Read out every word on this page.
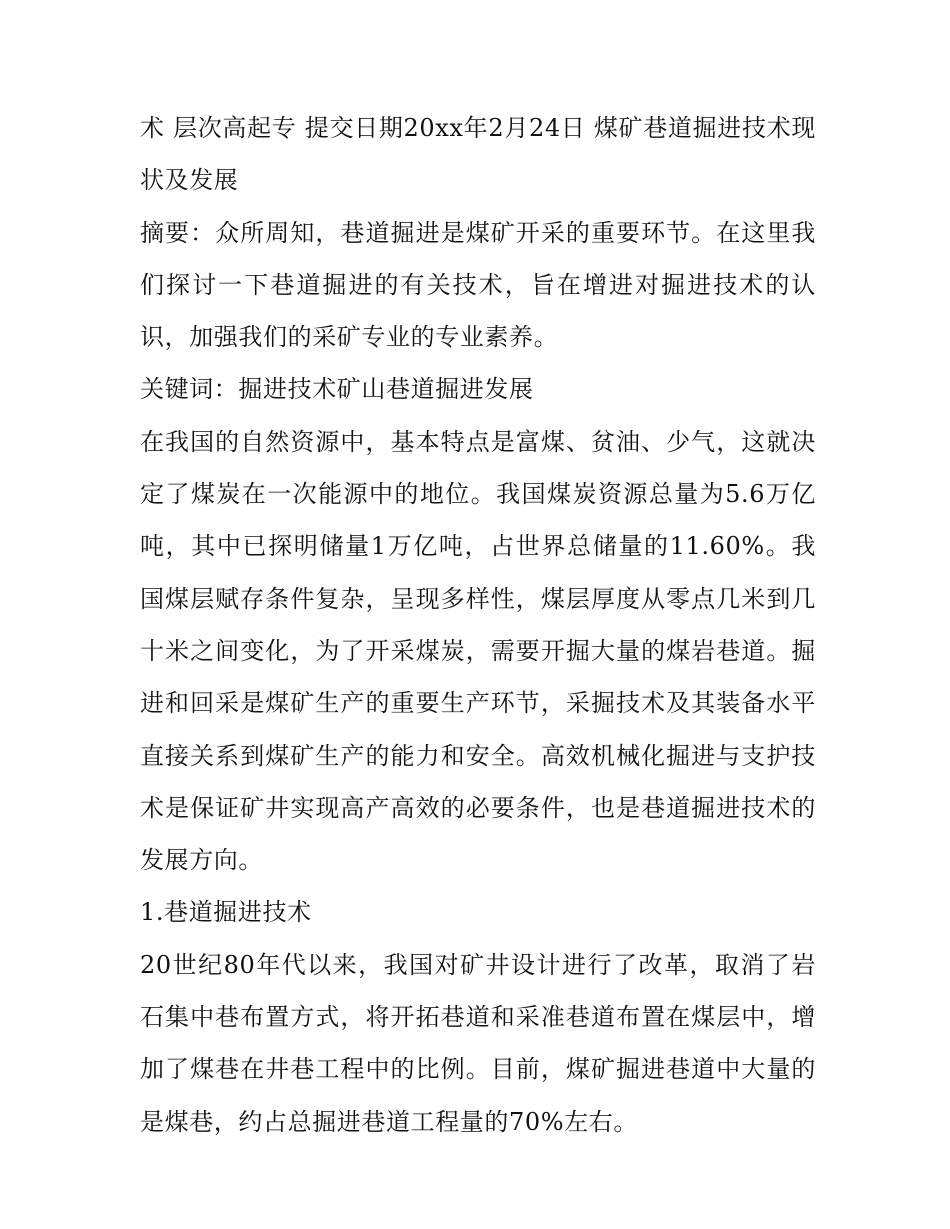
术 层次高起专 提交日期20xx年2月24日 煤矿巷道掘进技术现状及发展

摘要：众所周知，巷道掘进是煤矿开采的重要环节。在这里我们探讨一下巷道掘进的有关技术，旨在增进对掘进技术的认识，加强我们的采矿专业的专业素养。

关键词：掘进技术矿山巷道掘进发展

在我国的自然资源中，基本特点是富煤、贫油、少气，这就决定了煤炭在一次能源中的地位。我国煤炭资源总量为5.6万亿吨，其中已探明储量1万亿吨，占世界总储量的11.60%。我国煤层赋存条件复杂，呈现多样性，煤层厚度从零点几米到几十米之间变化，为了开采煤炭，需要开掘大量的煤岩巷道。掘进和回采是煤矿生产的重要生产环节，采掘技术及其装备水平直接关系到煤矿生产的能力和安全。高效机械化掘进与支护技术是保证矿井实现高产高效的必要条件，也是巷道掘进技术的发展方向。

1.巷道掘进技术

20世纪80年代以来，我国对矿井设计进行了改革，取消了岩石集中巷布置方式，将开拓巷道和采准巷道布置在煤层中，增加了煤巷在井巷工程中的比例。目前，煤矿掘进巷道中大量的是煤巷，约占总掘进巷道工程量的70%左右。
